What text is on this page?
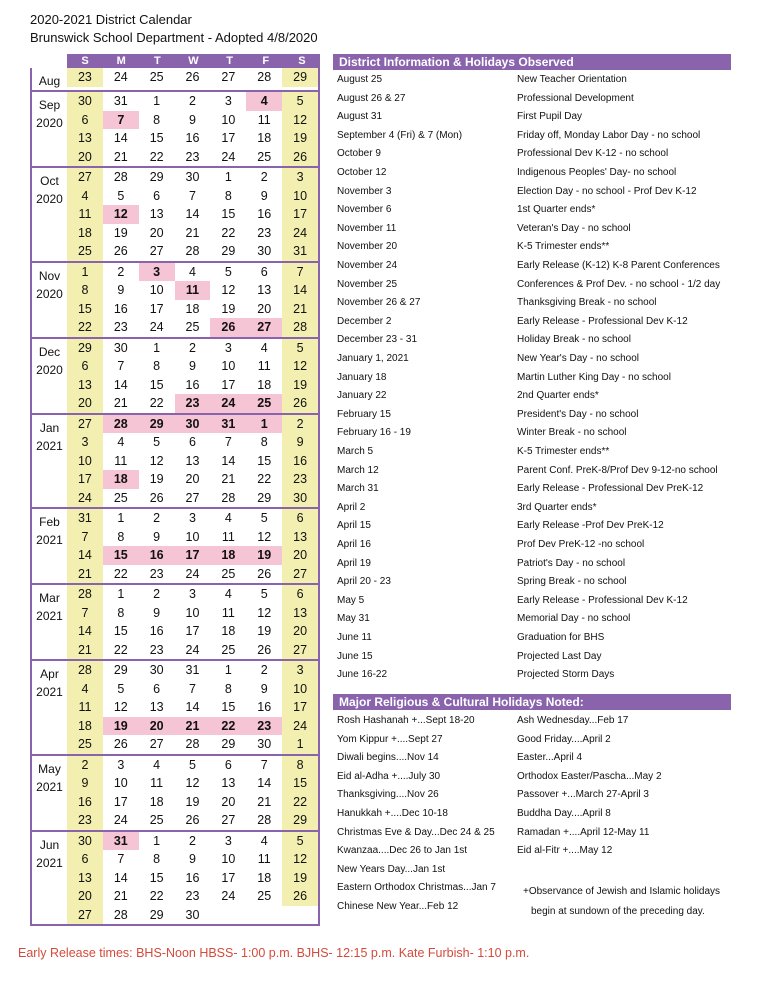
2020-2021 District Calendar
Brunswick School Department - Adopted 4/8/2020
S	M	T	W	T	F	S
Aug	23	24	25	26	27	28	29
Sep
2020
30	31	1	2	3	4	5
6	7	8	9	10	11	12
13	14	15	16	17	18	19
20	21	22	23	24	25	26
Oct
2020
27	28	29	30	1	2	3
4	5	6	7	8	9	10
11	12	13	14	15	16	17
18	19	20	21	22	23	24
25	26	27	28	29	30	31
Nov
2020
1	2	3	4	5	6	7
8	9	10	11	12	13	14
15	16	17	18	19	20	21
22	23	24	25	26	27	28
Dec
2020
29	30	1	2	3	4	5
6	7	8	9	10	11	12
13	14	15	16	17	18	19
20	21	22	23	24	25	26
Jan
2021
27	28	29	30	31	1	2
3	4	5	6	7	8	9
10	11	12	13	14	15	16
17	18	19	20	21	22	23
24	25	26	27	28	29	30
Feb
2021
31	1	2	3	4	5	6
7	8	9	10	11	12	13
14	15	16	17	18	19	20
21	22	23	24	25	26	27
Mar
2021
28	1	2	3	4	5	6
7	8	9	10	11	12	13
14	15	16	17	18	19	20
21	22	23	24	25	26	27
Apr
2021
28	29	30	31	1	2	3
4	5	6	7	8	9	10
11	12	13	14	15	16	17
18	19	20	21	22	23	24
25	26	27	28	29	30	1
May
2021
2	3	4	5	6	7	8
9	10	11	12	13	14	15
16	17	18	19	20	21	22
23	24	25	26	27	28	29
Jun
2021
30	31	1	2	3	4	5
6	7	8	9	10	11	12
13	14	15	16	17	18	19
20	21	22	23	24	25	26
27	28	29	30
District Information & Holidays Observed
August 25	New Teacher Orientation
August 26 & 27	Professional Development
August 31	First Pupil Day
September 4 (Fri) & 7 (Mon)	Friday off, Monday Labor Day - no school
October 9	Professional Dev K-12 - no school
October 12	Indigenous Peoples' Day- no school
November 3	Election Day - no school - Prof Dev K-12
November 6	1st Quarter ends*
November 11	Veteran's Day - no school
November 20	K-5 Trimester ends**
November 24	Early Release (K-12) K-8 Parent Conferences
November 25	Conferences & Prof Dev. - no school - 1/2 day
November 26 & 27	Thanksgiving Break - no school
December 2	Early Release - Professional Dev K-12
December 23 - 31	Holiday Break - no school
January 1, 2021	New Year's Day - no school
January 18	Martin Luther King Day - no school
January 22	2nd Quarter ends*
February 15	President's Day - no school
February 16 - 19	Winter Break - no school
March 5	K-5 Trimester ends**
March 12	Parent Conf. PreK-8/Prof Dev 9-12-no school
March 31	Early Release - Professional Dev PreK-12
April 2	3rd Quarter ends*
April 15	Early Release -Prof Dev PreK-12
April 16	Prof Dev PreK-12 -no school
April 19	Patriot's Day - no school
April 20 - 23	Spring Break - no school
May 5	Early Release - Professional Dev K-12
May 31	Memorial Day - no school
June 11	Graduation for BHS
June 15	Projected Last Day
June 16-22	Projected Storm Days
Major Religious & Cultural Holidays Noted:
Rosh Hashanah +...Sept 18-20	Ash Wednesday...Feb 17
Yom Kippur +....Sept 27	Good Friday....April 2
Diwali begins....Nov 14	Easter...April 4
Eid al-Adha +....July 30	Orthodox Easter/Pascha...May 2
Thanksgiving....Nov 26	Passover +...March 27-April 3
Hanukkah +....Dec 10-18	Buddha Day....April 8
Christmas Eve & Day...Dec 24 & 25 Ramadan +....April 12-May 11
Kwanzaa....Dec 26 to Jan 1st	Eid al-Fitr +....May 12
New Years Day...Jan 1st
Eastern Orthodox Christmas...Jan 7
Chinese New Year...Feb 12
+Observance of Jewish and Islamic holidays
begin at sundown of the preceding day.
Early Release times: BHS-Noon HBSS- 1:00 p.m. BJHS- 12:15 p.m. Kate Furbish- 1:10 p.m.
